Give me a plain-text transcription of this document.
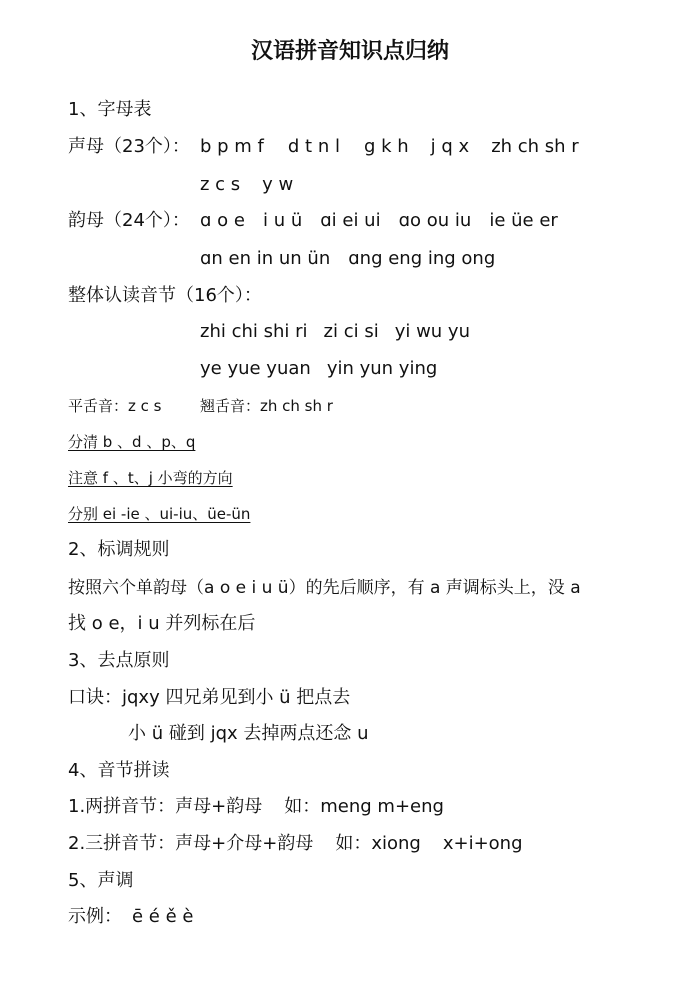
汉语拼音知识点归纳
1、字母表
声母（23个）： b p m f d t n l g k h j q x zh ch sh r
z c s y w
韵母（24个）： ɑ o e i u ü ɑi ei ui ɑo ou iu ie üe er
ɑn en in un ün ɑng eng ing ong
整体认读音节（16个）：
zhi chi shi ri zi ci si yi wu yu
ye yue yuan yin yun ying
平舌音：z c s	翘舌音：zh ch sh r
分清 b 、d 、p、q
注意 f 、t、j 小弯的方向
分别 ei -ie 、ui-iu、üe-ün
2、标调规则
按照六个单韵母（a o e i u ü）的先后顺序，有 a 声调标头上，没 a
找 o e，i u 并列标在后
3、去点原则
口诀：jqxy 四兄弟见到小 ü 把点去
小 ü 碰到 jqx 去掉两点还念 u
4、音节拼读
1.两拼音节：声母+韵母 如：meng m+eng
2.三拼音节：声母+介母+韵母 如：xiong x+i+ong
5、声调
示例： ē é ě è
